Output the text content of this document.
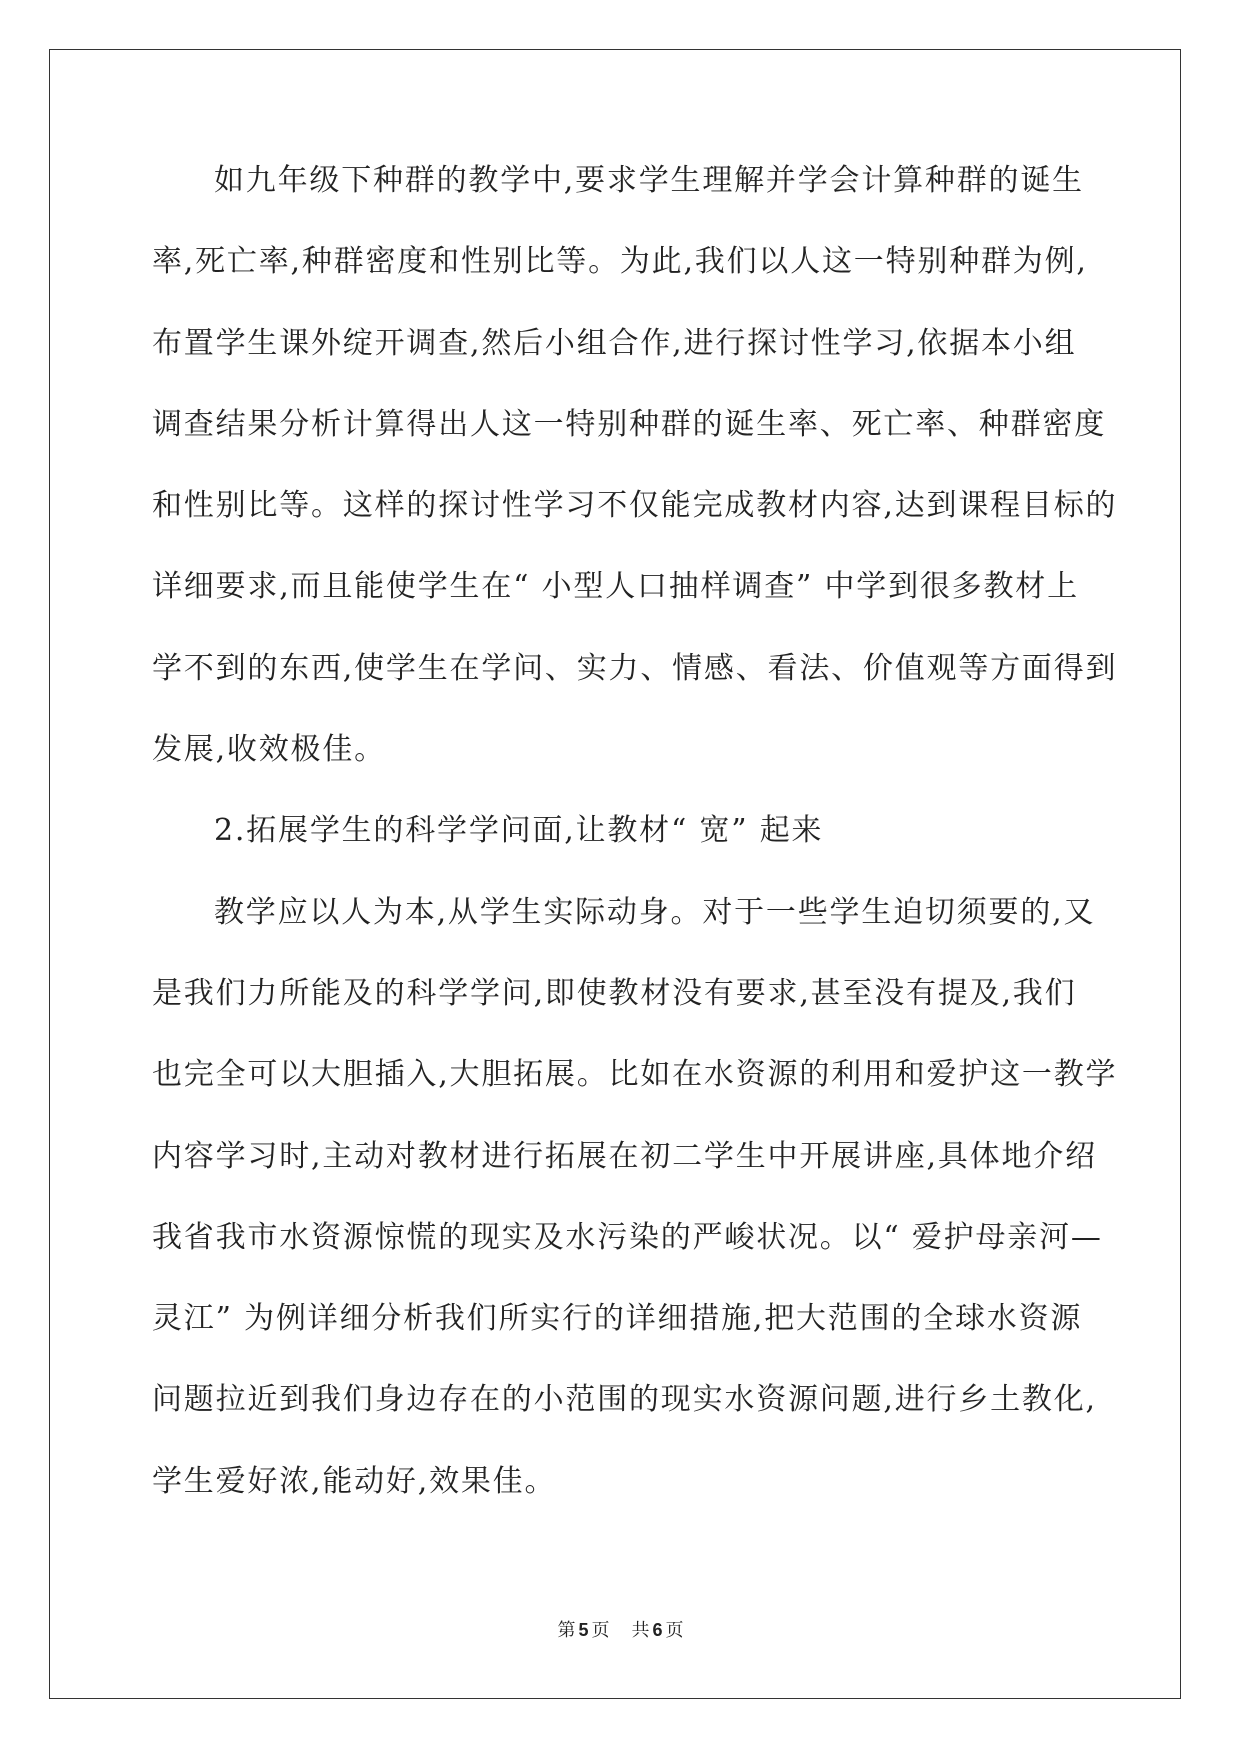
如九年级下种群的教学中,要求学生理解并学会计算种群的诞生
率,死亡率,种群密度和性别比等。为此,我们以人这一特别种群为例,
布置学生课外绽开调查,然后小组合作,进行探讨性学习,依据本小组
调查结果分析计算得出人这一特别种群的诞生率、死亡率、种群密度
和性别比等。这样的探讨性学习不仅能完成教材内容,达到课程目标的
详细要求,而且能使学生在“ 小型人口抽样调查” 中学到很多教材上
学不到的东西,使学生在学问、实力、情感、看法、价值观等方面得到
发展,收效极佳。
2.拓展学生的科学学问面,让教材“ 宽” 起来
教学应以人为本,从学生实际动身。对于一些学生迫切须要的,又
是我们力所能及的科学学问,即使教材没有要求,甚至没有提及,我们
也完全可以大胆插入,大胆拓展。比如在水资源的利用和爱护这一教学
内容学习时,主动对教材进行拓展在初二学生中开展讲座,具体地介绍
我省我市水资源惊慌的现实及水污染的严峻状况。以“ 爱护母亲河—
灵江” 为例详细分析我们所实行的详细措施,把大范围的全球水资源
问题拉近到我们身边存在的小范围的现实水资源问题,进行乡土教化,
学生爱好浓,能动好,效果佳。
第 5 页 共 6 页
